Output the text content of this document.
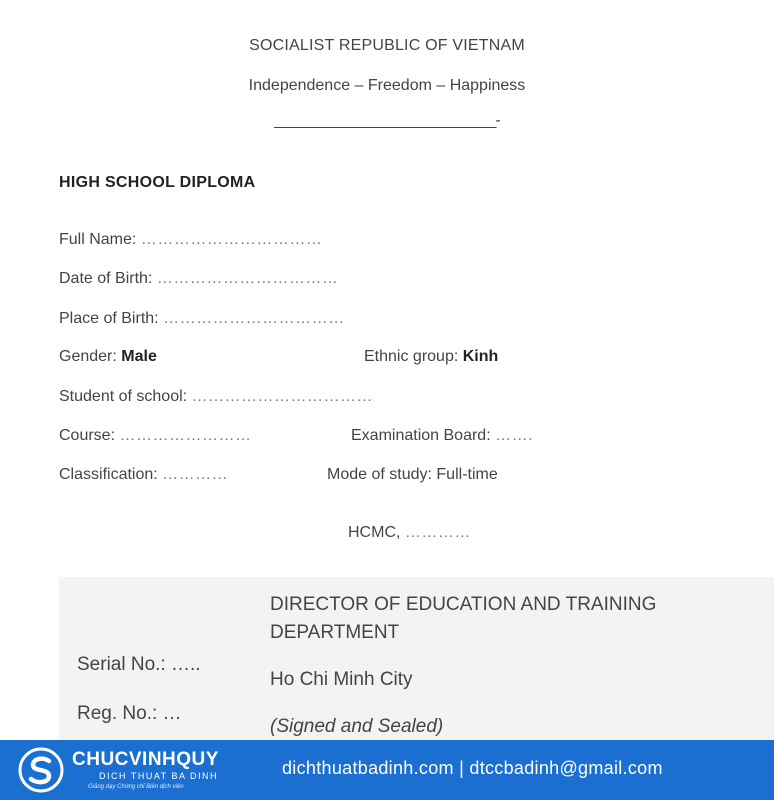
SOCIALIST REPUBLIC OF VIETNAM
Independence – Freedom – Happiness
____________________________-
HIGH SCHOOL DIPLOMA
Full Name: ……………………………
Date of Birth: ……………………………
Place of Birth: ……………………………
Gender: Male	Ethnic group: Kinh
Student of school: ……………………………
Course: ……………………	Examination Board: …….
Classification: …………	Mode of study: Full-time
HCMC, …………
Serial No.: …..
Reg. No.: …
DIRECTOR OF EDUCATION AND TRAINING
DEPARTMENT
Ho Chi Minh City
(Signed and Sealed)
CHUCVINHQUY
DICH THUAT BA DINH
Giảng dạy Chứng chỉ Biên dịch viên
dichthuatbadinh.com | dtccbadinh@gmail.com
